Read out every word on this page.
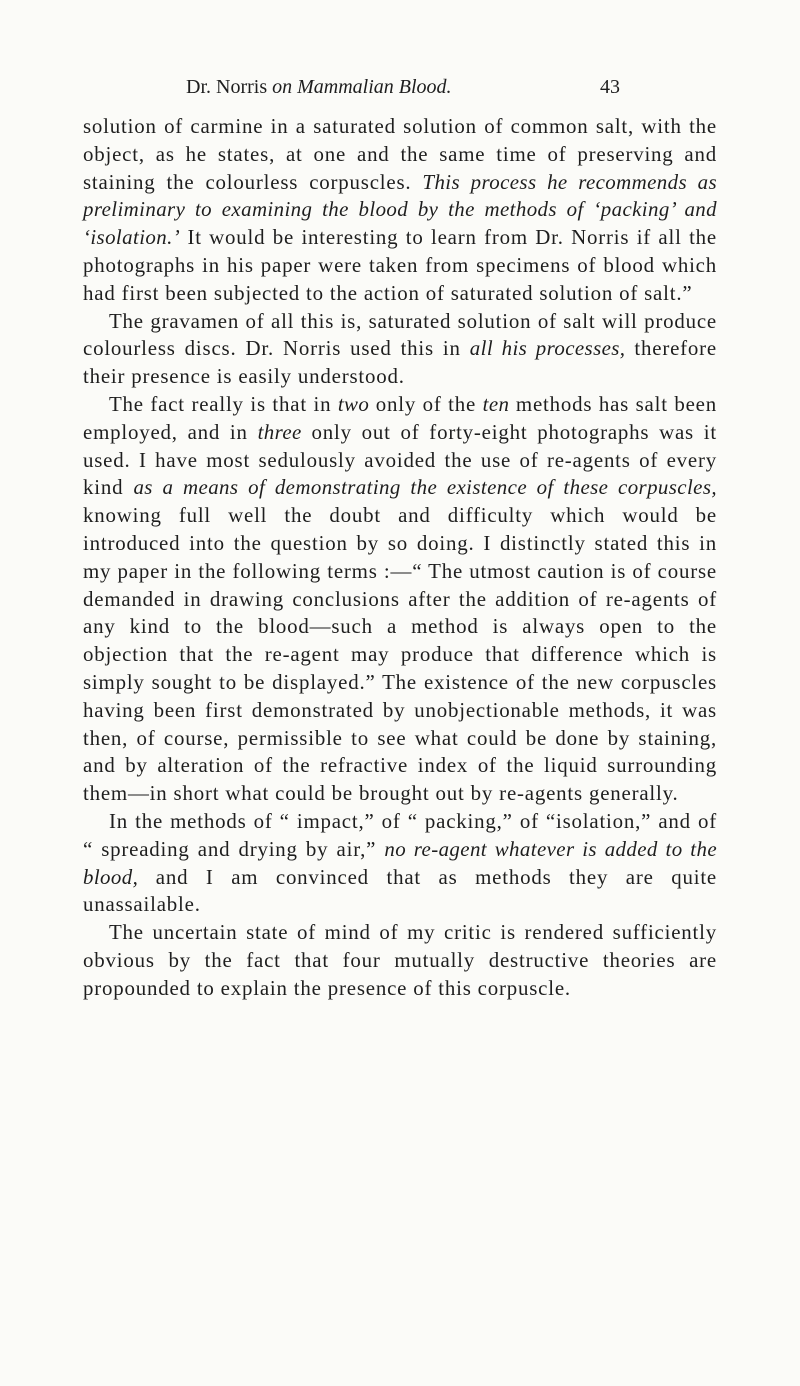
Dr. Norris on Mammalian Blood.	43

solution of carmine in a saturated solution of common salt, with the object, as he states, at one and the same time of preserving and staining the colourless corpuscles. This process he recommends as preliminary to examining the blood by the methods of ‘packing’ and ‘isolation.’ It would be interesting to learn from Dr. Norris if all the photographs in his paper were taken from specimens of blood which had first been subjected to the action of saturated solution of salt.”

The gravamen of all this is, saturated solution of salt will produce colourless discs. Dr. Norris used this in all his processes, therefore their presence is easily understood.

The fact really is that in two only of the ten methods has salt been employed, and in three only out of forty-eight photographs was it used. I have most sedulously avoided the use of re-agents of every kind as a means of demonstrating the existence of these corpuscles, knowing full well the doubt and difficulty which would be introduced into the question by so doing. I distinctly stated this in my paper in the following terms :—“ The utmost caution is of course demanded in drawing conclusions after the addition of re-agents of any kind to the blood—such a method is always open to the objection that the re-agent may produce that difference which is simply sought to be displayed.” The existence of the new corpuscles having been first demonstrated by unobjectionable methods, it was then, of course, permissible to see what could be done by staining, and by alteration of the refractive index of the liquid surrounding them—in short what could be brought out by re-agents generally.

In the methods of “ impact,” of “ packing,” of “isolation,” and of “ spreading and drying by air,” no re-agent whatever is added to the blood, and I am convinced that as methods they are quite unassailable.

The uncertain state of mind of my critic is rendered sufficiently obvious by the fact that four mutually destructive theories are propounded to explain the presence of this corpuscle.
